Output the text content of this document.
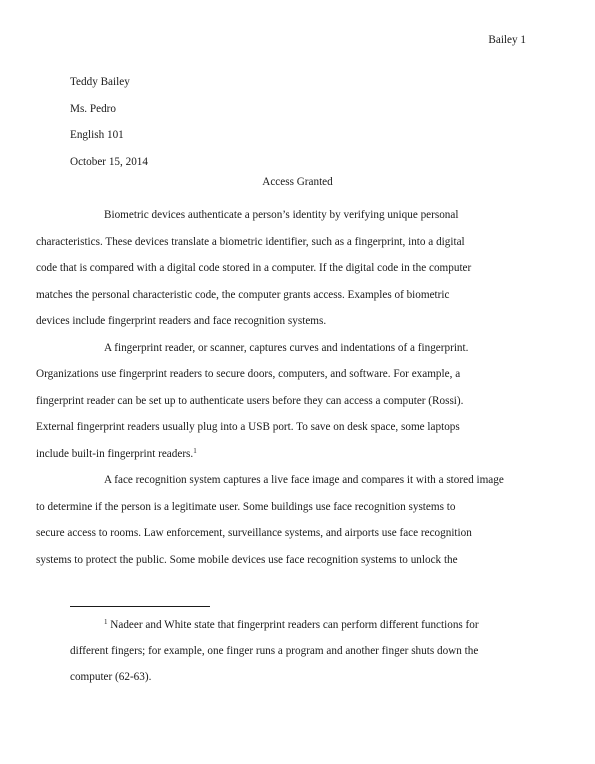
Bailey 1

Teddy Bailey

Ms. Pedro

English 101

October 15, 2014

Access Granted

Biometric devices authenticate a person’s identity by verifying unique personal
characteristics. These devices translate a biometric identifier, such as a fingerprint, into a digital
code that is compared with a digital code stored in a computer. If the digital code in the computer
matches the personal characteristic code, the computer grants access. Examples of biometric
devices include fingerprint readers and face recognition systems.

A fingerprint reader, or scanner, captures curves and indentations of a fingerprint.
Organizations use fingerprint readers to secure doors, computers, and software. For example, a
fingerprint reader can be set up to authenticate users before they can access a computer (Rossi).
External fingerprint readers usually plug into a USB port. To save on desk space, some laptops
include built-in fingerprint readers.$^1$

A face recognition system captures a live face image and compares it with a stored image
to determine if the person is a legitimate user. Some buildings use face recognition systems to
secure access to rooms. Law enforcement, surveillance systems, and airports use face recognition
systems to protect the public. Some mobile devices use face recognition systems to unlock the

$^1$ Nadeer and White state that fingerprint readers can perform different functions for
different fingers; for example, one finger runs a program and another finger shuts down the
computer (62-63).
